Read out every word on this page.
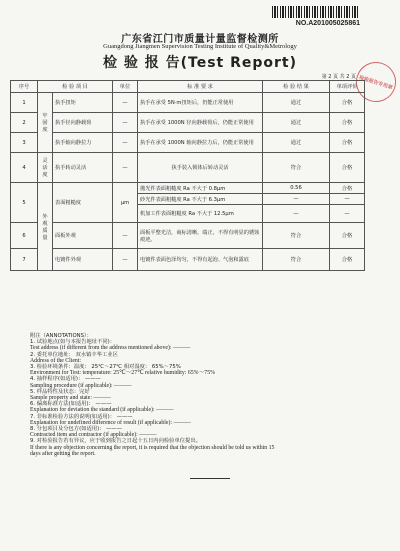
NO.A201005025861
广东省江门市质量计量监督检测所
Guangdong Jiangmen Supervision Testing Institute of Quality&Metrology
检 验 报 告(Test Report)
第 2 页 共 2 页 检验报告专用章
序号	检 验 项 目		单位	标 准 要 求	检 验 结 果	单项评价
1	牢固度	执手扭矩	—	执手在承受 5N·m扭矩后，仍能正常使用	通过	合格
2		执手径向静载荷	—	执手在承受 1000N 径向静载荷后，仍能正常使用	通过	合格
3		执手轴向静拉力	—	执手在承受 1000N 轴向静拉力后，仍能正常使用	通过	合格
4	灵活度	执手转动灵活	—	执手装入锁体后转动灵活	符合	合格
5	外观质量	表面粗糙度	μm	抛光件表面粗糙度 Ra 不大于 0.8μm	0.56	合格
				砂光件表面粗糙度 Ra 不大于 6.3μm	—	—
				机加工件表面粗糙度 Ra 不大于 12.5μm	—	—
6		面板外观	—	面板平整光洁，商标清晰，端正，不得有明显的锈蚀痕迹。	符合	合格
7		电镀件外观	—	电镀件表面色泽均匀，不得有起泡、气泡和露底	符合	合格
附注（ANNOTATIONS）：
1. 试验地点(如与本报告地址不同)：
Test address (if different from the address mentioned above): ———
2. 委托单位地址： 双水镇丰华工业区
Address of the Client:
3. 检验环境条件：温度： 25℃～27℃ 相对湿度： 65%～75%
Environment for Test: temperature: 25℃～27℃ relative humidity: 65%～75%
4. 抽样程序(如适用)： ———
Sampling procedure (if applicable): ———
5. 样品特性及状态：完好
Sample property and state: ———
6. 偏离标准方法(如适用)： ———
Explanation for deviation the standard (if applicable): ———
7. 非标准检验方法的说明(如适用)： ———
Explanation for undefined difference of result (if applicable): ———
8. 分包项目及分包方(如适用)： ———
Contracted item and contractor (if applicable): ———
9. 对检验报告若有异议，应于收到报告之日起十五日内向检验单位提出。
If there is any objection concerning the report, it is required that the objection should be told us within 15
days after getting the report.
